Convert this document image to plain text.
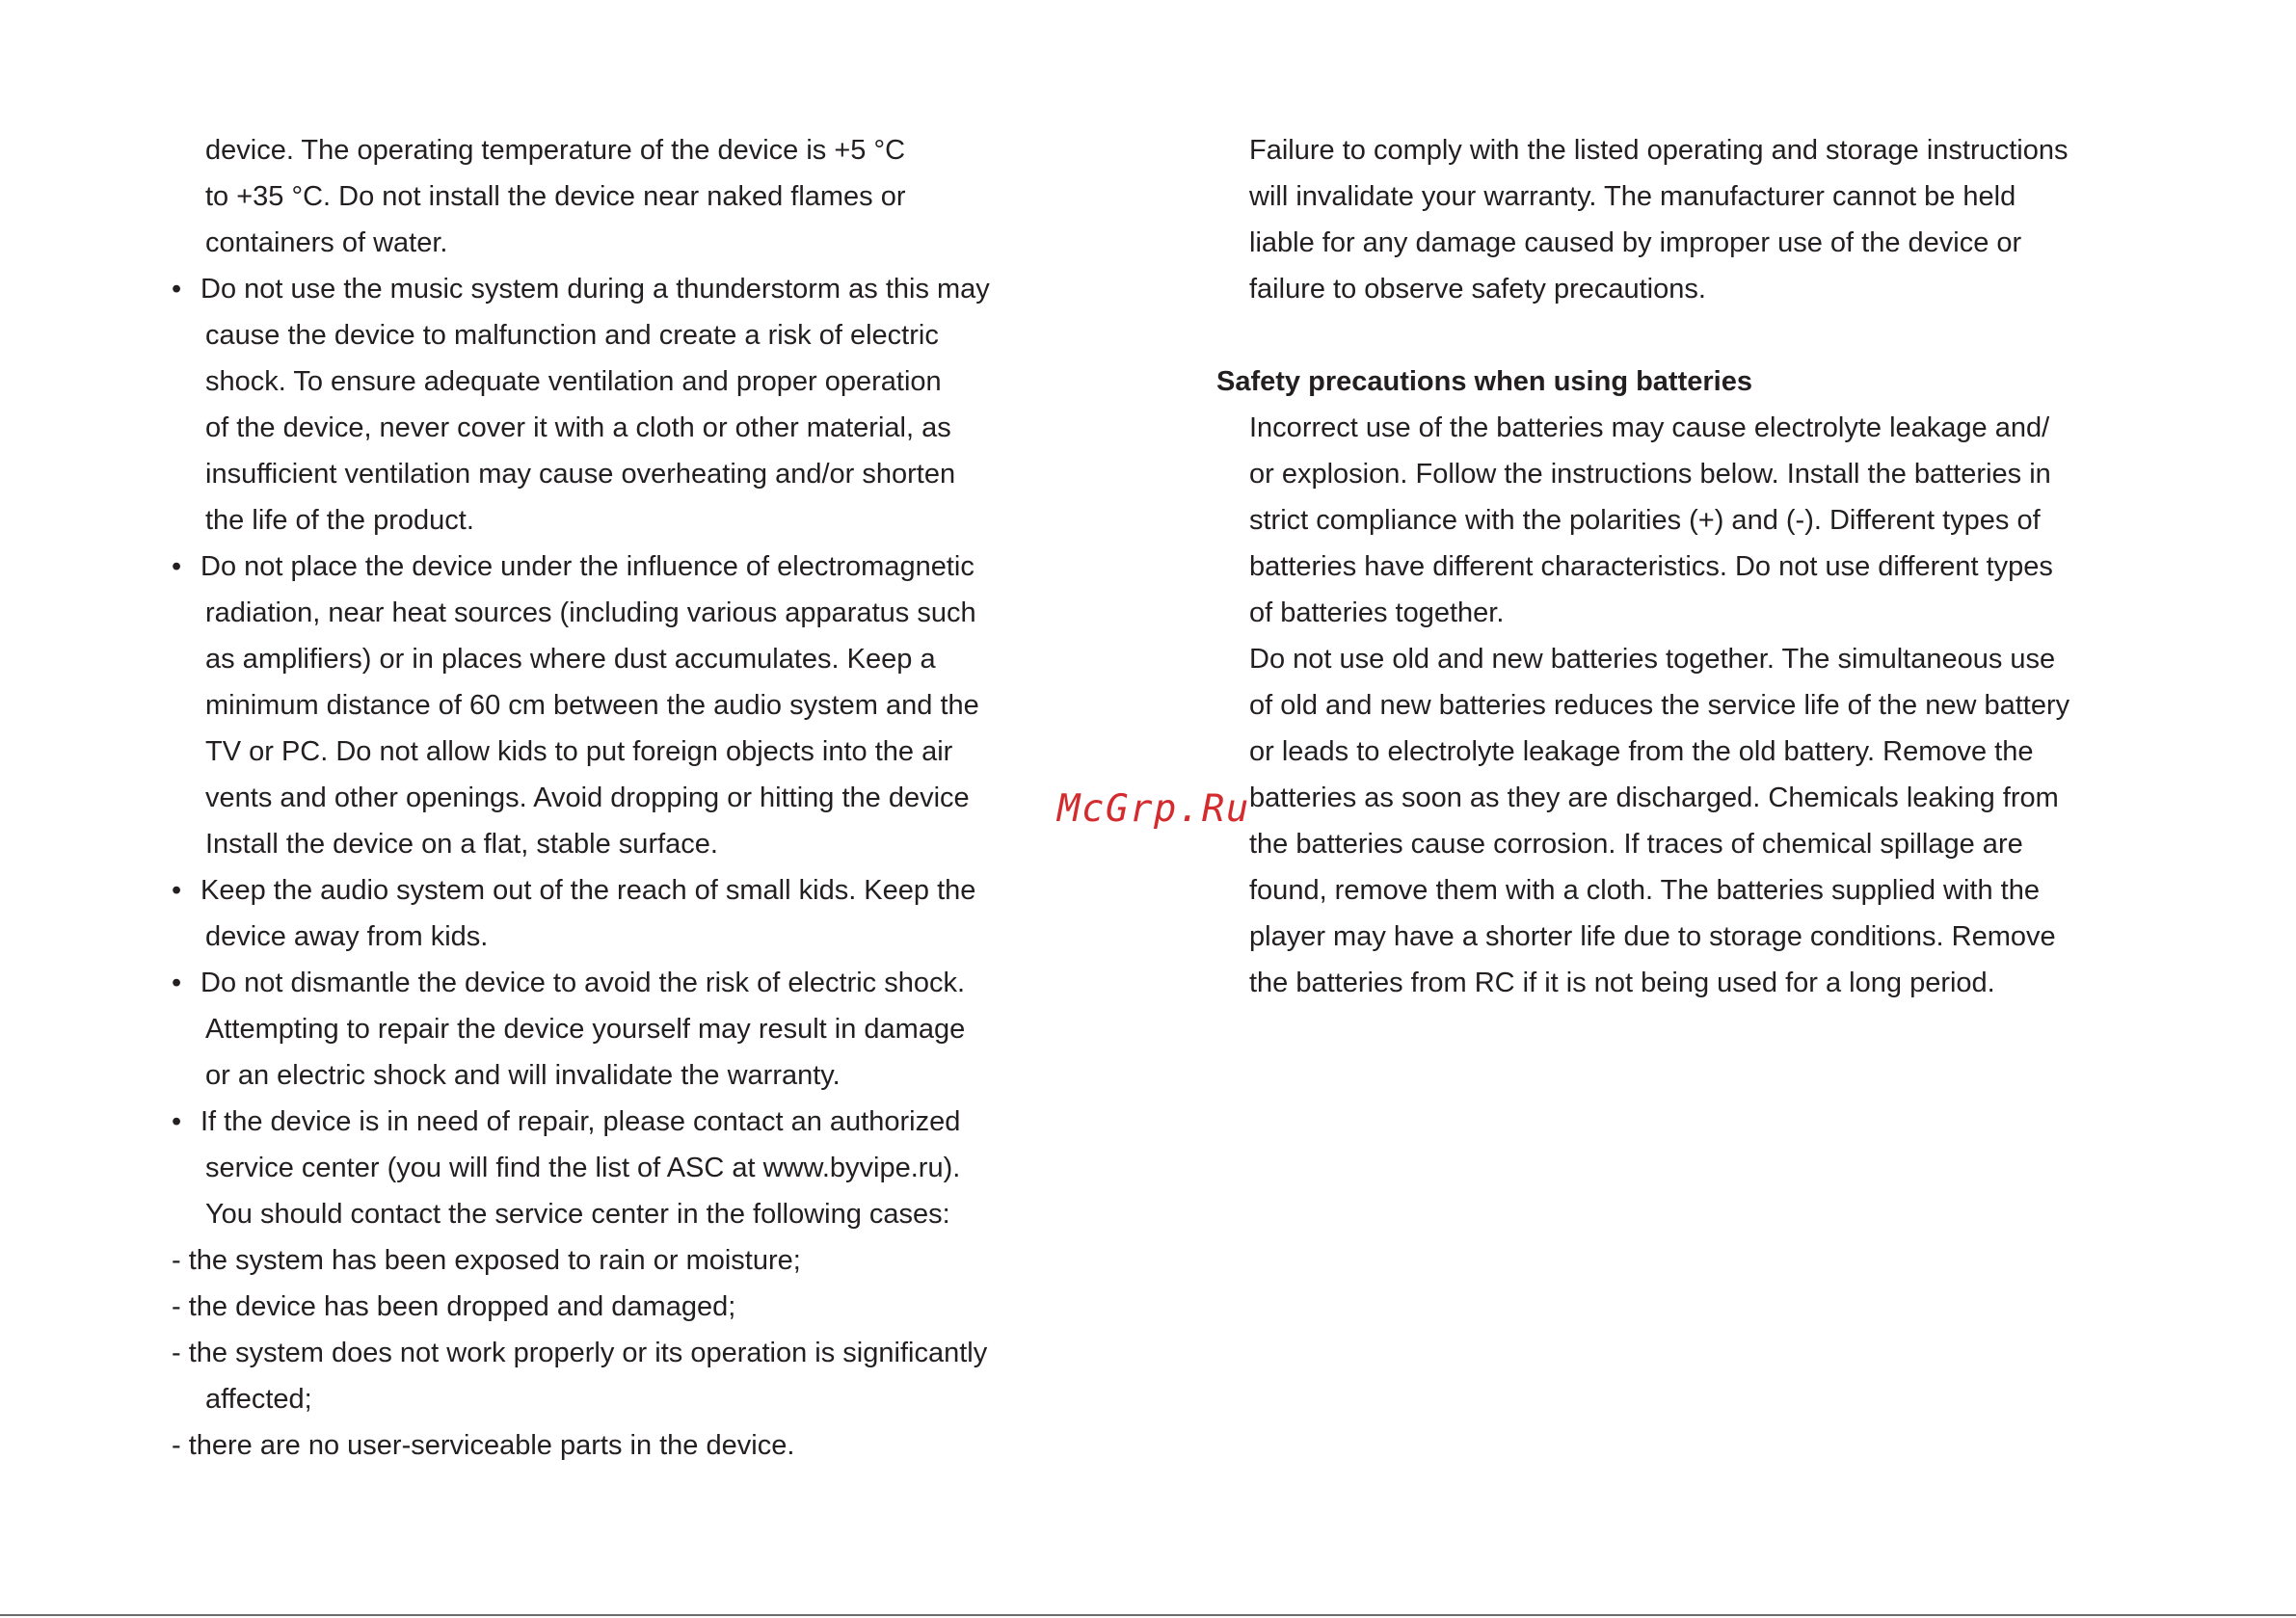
device. The operating temperature of the device is +5 °C
to +35 °C. Do not install the device near naked flames or
containers of water.
• Do not use the music system during a thunderstorm as this may
cause the device to malfunction and create a risk of electric
shock. To ensure adequate ventilation and proper operation
of the device, never cover it with a cloth or other material, as
insufficient ventilation may cause overheating and/or shorten
the life of the product.
• Do not place the device under the influence of electromagnetic
radiation, near heat sources (including various apparatus such
as amplifiers) or in places where dust accumulates. Keep a
minimum distance of 60 cm between the audio system and the
TV or PC. Do not allow kids to put foreign objects into the air
vents and other openings. Avoid dropping or hitting the device
Install the device on a flat, stable surface.
• Keep the audio system out of the reach of small kids. Keep the
device away from kids.
• Do not dismantle the device to avoid the risk of electric shock.
Attempting to repair the device yourself may result in damage
or an electric shock and will invalidate the warranty.
• If the device is in need of repair, please contact an authorized
service center (you will find the list of ASC at www.byvipe.ru).
You should contact the service center in the following cases:
- the system has been exposed to rain or moisture;
- the device has been dropped and damaged;
- the system does not work properly or its operation is significantly
affected;
- there are no user-serviceable parts in the device.
Failure to comply with the listed operating and storage instructions
will invalidate your warranty. The manufacturer cannot be held
liable for any damage caused by improper use of the device or
failure to observe safety precautions.
Safety precautions when using batteries
Incorrect use of the batteries may cause electrolyte leakage and/
or explosion. Follow the instructions below. Install the batteries in
strict compliance with the polarities (+) and (-). Different types of
batteries have different characteristics. Do not use different types
of batteries together.
Do not use old and new batteries together. The simultaneous use
of old and new batteries reduces the service life of the new battery
or leads to electrolyte leakage from the old battery. Remove the
batteries as soon as they are discharged. Chemicals leaking from
the batteries cause corrosion. If traces of chemical spillage are
found, remove them with a cloth. The batteries supplied with the
player may have a shorter life due to storage conditions. Remove
the batteries from RC if it is not being used for a long period.
McGrp.Ru
